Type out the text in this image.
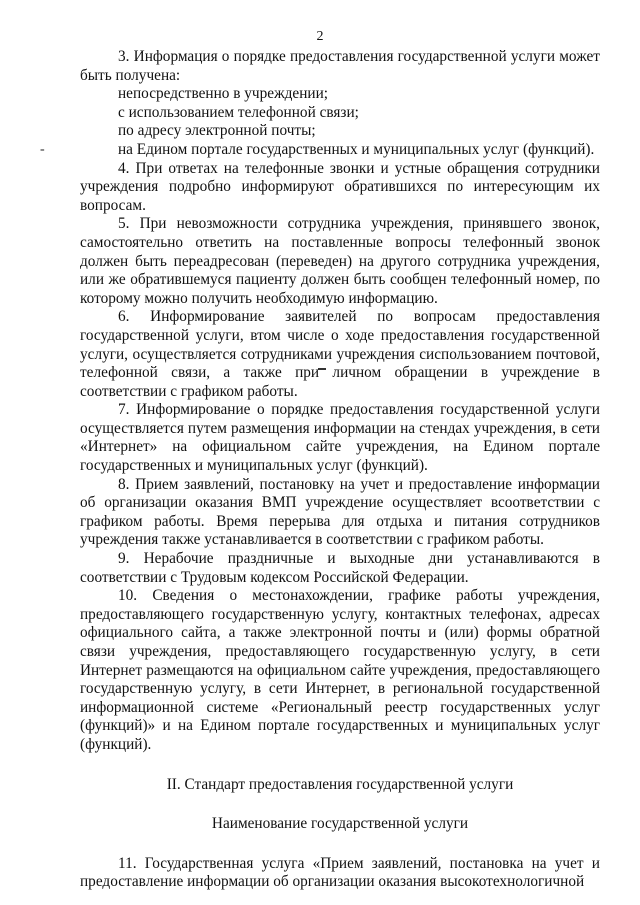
2
-

3. Информация о порядке предоставления государственной услуги может быть получена:

непосредственно в учреждении;

с использованием телефонной связи;

по адресу электронной почты;

на Едином портале государственных и муниципальных услуг (функций).

4. При ответах на телефонные звонки и устные обращения сотрудники учреждения подробно информируют обратившихся по интересующим их вопросам.

5. При невозможности сотрудника учреждения, принявшего звонок, самостоятельно ответить на поставленные вопросы телефонный звонок должен быть переадресован (переведен) на другого сотрудника учреждения, или же обратившемуся пациенту должен быть сообщен телефонный номер, по которому можно получить необходимую информацию.

6. Информирование заявителей по вопросам предоставления государственной услуги, втом числе о ходе предоставления государственной услуги, осуществляется сотрудниками учреждения сиспользованием почтовой, телефонной связи, а также при личном обращении в учреждение в соответствии с графиком работы.

7. Информирование о порядке предоставления государственной услуги осуществляется путем размещения информации на стендах учреждения, в сети «Интернет» на официальном сайте учреждения, на Едином портале государственных и муниципальных услуг (функций).

8. Прием заявлений, постановку на учет и предоставление информации об организации оказания ВМП учреждение осуществляет всоответствии с графиком работы. Время перерыва для отдыха и питания сотрудников учреждения также устанавливается в соответствии с графиком работы.

9. Нерабочие праздничные и выходные дни устанавливаются в соответствии с Трудовым кодексом Российской Федерации.

10. Сведения о местонахождении, графике работы учреждения, предоставляющего государственную услугу, контактных телефонах, адресах официального сайта, а также электронной почты и (или) формы обратной связи учреждения, предоставляющего государственную услугу, в сети Интернет размещаются на официальном сайте учреждения, предоставляющего государственную услугу, в сети Интернет, в региональной государственной информационной системе «Региональный реестр государственных услуг (функций)» и на Едином портале государственных и муниципальных услуг (функций).

II. Стандарт предоставления государственной услуги

Наименование государственной услуги

11. Государственная услуга «Прием заявлений, постановка на учет и предоставление информации об организации оказания высокотехнологичной
